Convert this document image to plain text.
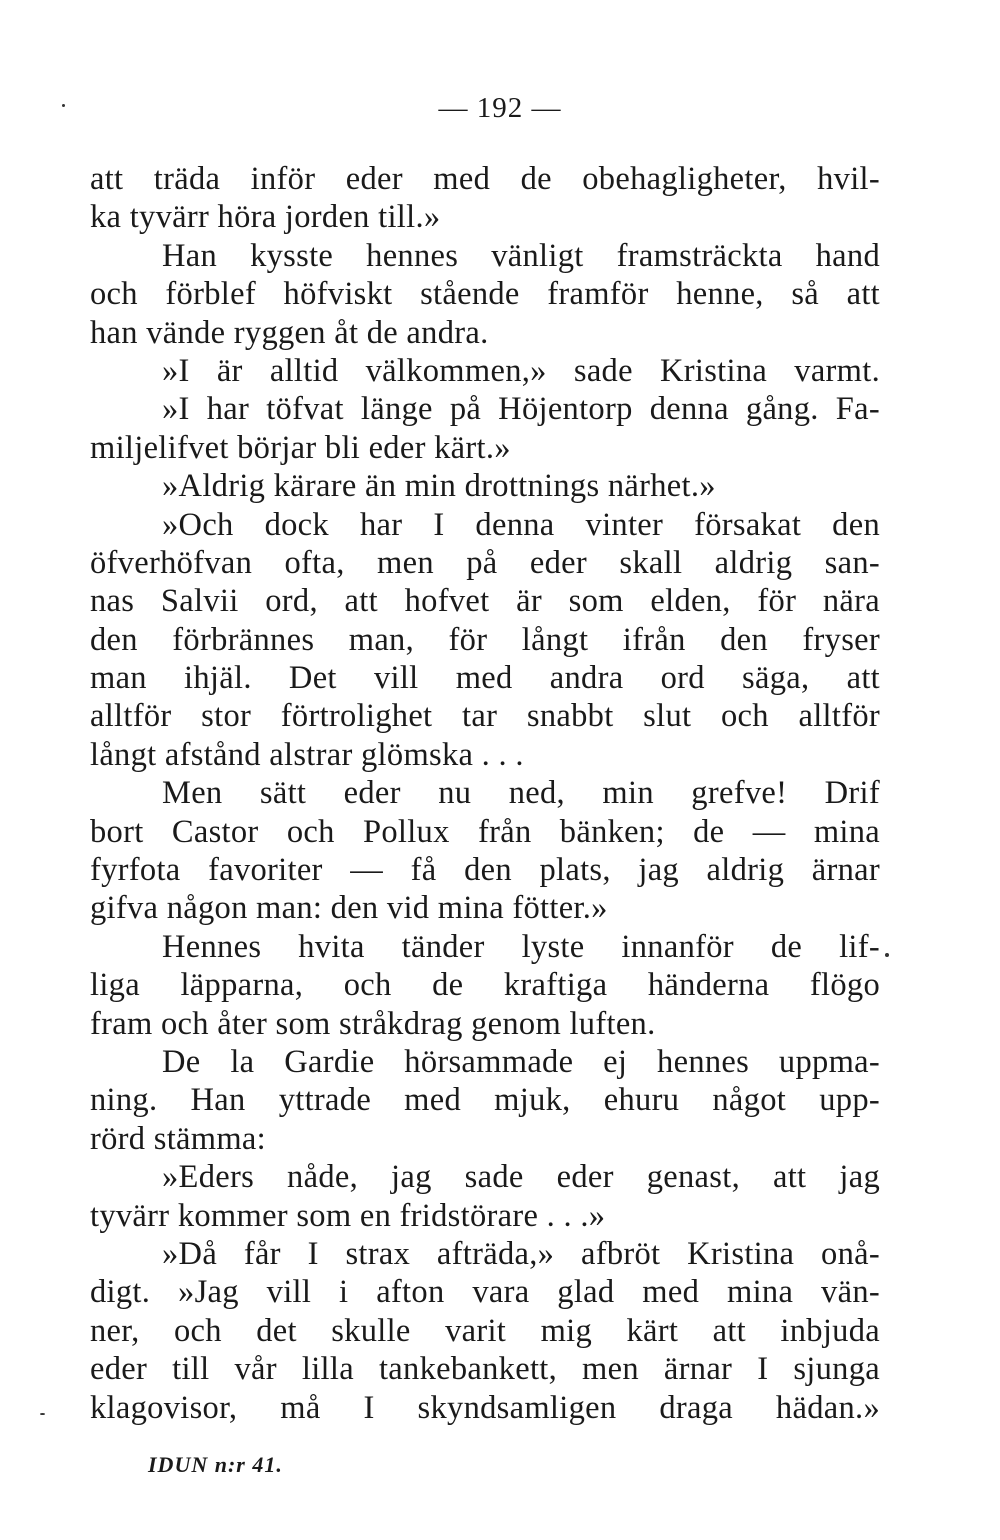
— 192 —
att träda inför eder med de obehagligheter, hvil-
ka tyvärr höra jorden till.»
Han kysste hennes vänligt framsträckta hand
och förblef höfviskt stående framför henne, så att
han vände ryggen åt de andra.
»I är alltid välkommen,» sade Kristina varmt.
»I har töfvat länge på Höjentorp denna gång. Fa-
miljelifvet börjar bli eder kärt.»
»Aldrig kärare än min drottnings närhet.»
»Och dock har I denna vinter försakat den
öfverhöfvan ofta, men på eder skall aldrig san-
nas Salvii ord, att hofvet är som elden, för nära
den förbrännes man, för långt ifrån den fryser
man ihjäl. Det vill med andra ord säga, att
alltför stor förtrolighet tar snabbt slut och alltför
långt afstånd alstrar glömska . . .
Men sätt eder nu ned, min grefve! Drif
bort Castor och Pollux från bänken; de — mina
fyrfota favoriter — få den plats, jag aldrig ärnar
gifva någon man: den vid mina fötter.»
Hennes hvita tänder lyste innanför de lif-
liga läpparna, och de kraftiga händerna flögo
fram och åter som stråkdrag genom luften.
De la Gardie hörsammade ej hennes uppma-
ning. Han yttrade med mjuk, ehuru något upp-
rörd stämma:
»Eders nåde, jag sade eder genast, att jag
tyvärr kommer som en fridstörare . . .»
»Då får I strax afträda,» afbröt Kristina onå-
digt. »Jag vill i afton vara glad med mina vän-
ner, och det skulle varit mig kärt att inbjuda
eder till vår lilla tankebankett, men ärnar I sjunga
klagovisor, må I skyndsamligen draga hädan.»
IDUN n:r 41.
